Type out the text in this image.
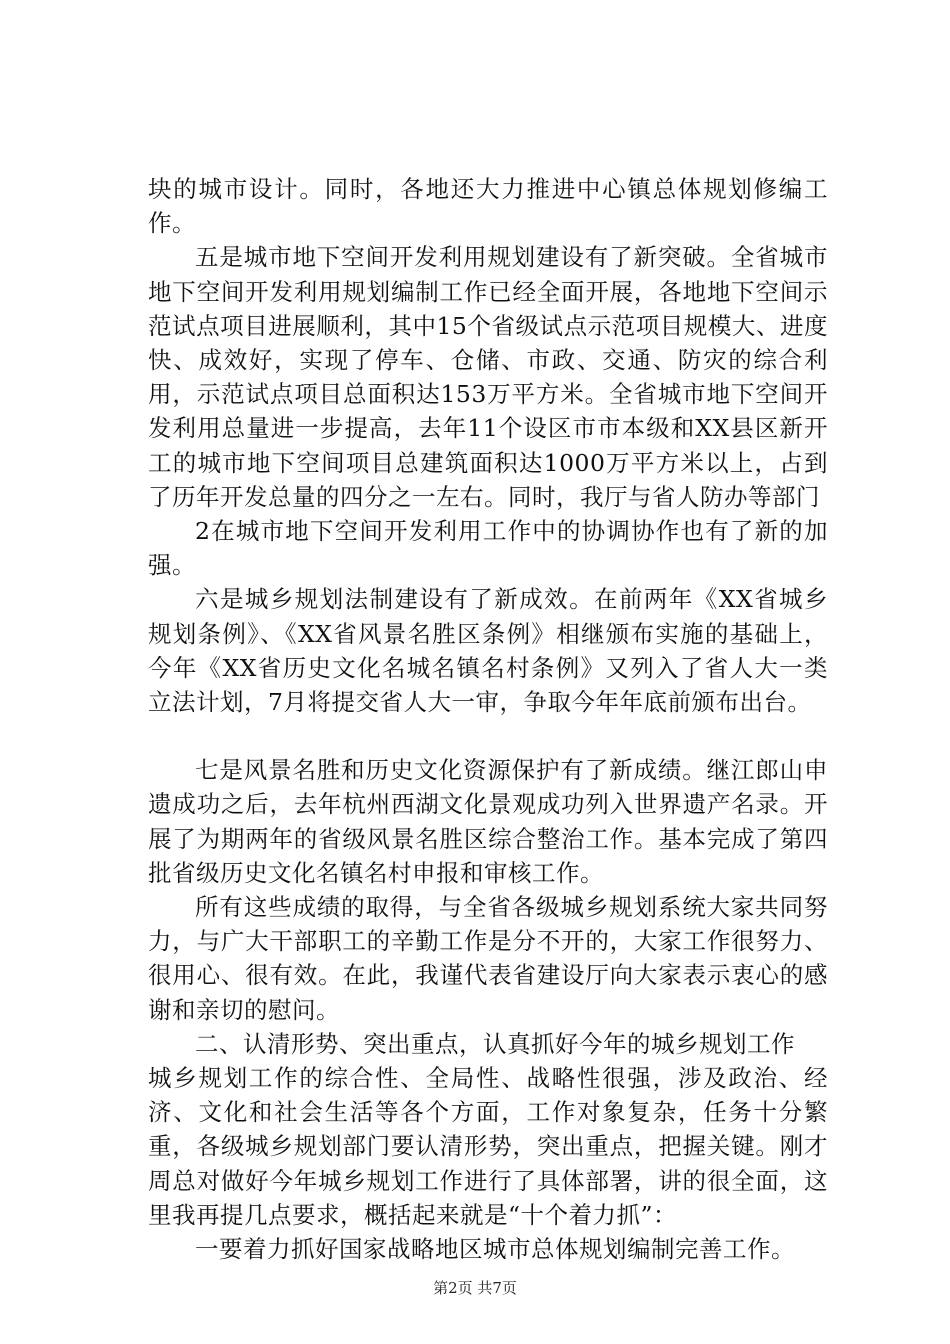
块的城市设计。同时，各地还大力推进中心镇总体规划修编工作。

五是城市地下空间开发利用规划建设有了新突破。全省城市地下空间开发利用规划编制工作已经全面开展，各地地下空间示范试点项目进展顺利，其中15个省级试点示范项目规模大、进度快、成效好，实现了停车、仓储、市政、交通、防灾的综合利用，示范试点项目总面积达153万平方米。全省城市地下空间开发利用总量进一步提高，去年11个设区市市本级和XX县区新开工的城市地下空间项目总建筑面积达1000万平方米以上，占到了历年开发总量的四分之一左右。同时，我厅与省人防办等部门

2在城市地下空间开发利用工作中的协调协作也有了新的加强。

六是城乡规划法制建设有了新成效。在前两年《XX省城乡规划条例》、《XX省风景名胜区条例》相继颁布实施的基础上，今年《XX省历史文化名城名镇名村条例》又列入了省人大一类立法计划，7月将提交省人大一审，争取今年年底前颁布出台。

七是风景名胜和历史文化资源保护有了新成绩。继江郎山申遗成功之后，去年杭州西湖文化景观成功列入世界遗产名录。开展了为期两年的省级风景名胜区综合整治工作。基本完成了第四批省级历史文化名镇名村申报和审核工作。

所有这些成绩的取得，与全省各级城乡规划系统大家共同努力，与广大干部职工的辛勤工作是分不开的，大家工作很努力、很用心、很有效。在此，我谨代表省建设厅向大家表示衷心的感谢和亲切的慰问。

二、认清形势、突出重点，认真抓好今年的城乡规划工作

城乡规划工作的综合性、全局性、战略性很强，涉及政治、经济、文化和社会生活等各个方面，工作对象复杂，任务十分繁重，各级城乡规划部门要认清形势，突出重点，把握关键。刚才周总对做好今年城乡规划工作进行了具体部署，讲的很全面，这里我再提几点要求，概括起来就是“十个着力抓”：

一要着力抓好国家战略地区城市总体规划编制完善工作。

第2页 共7页
